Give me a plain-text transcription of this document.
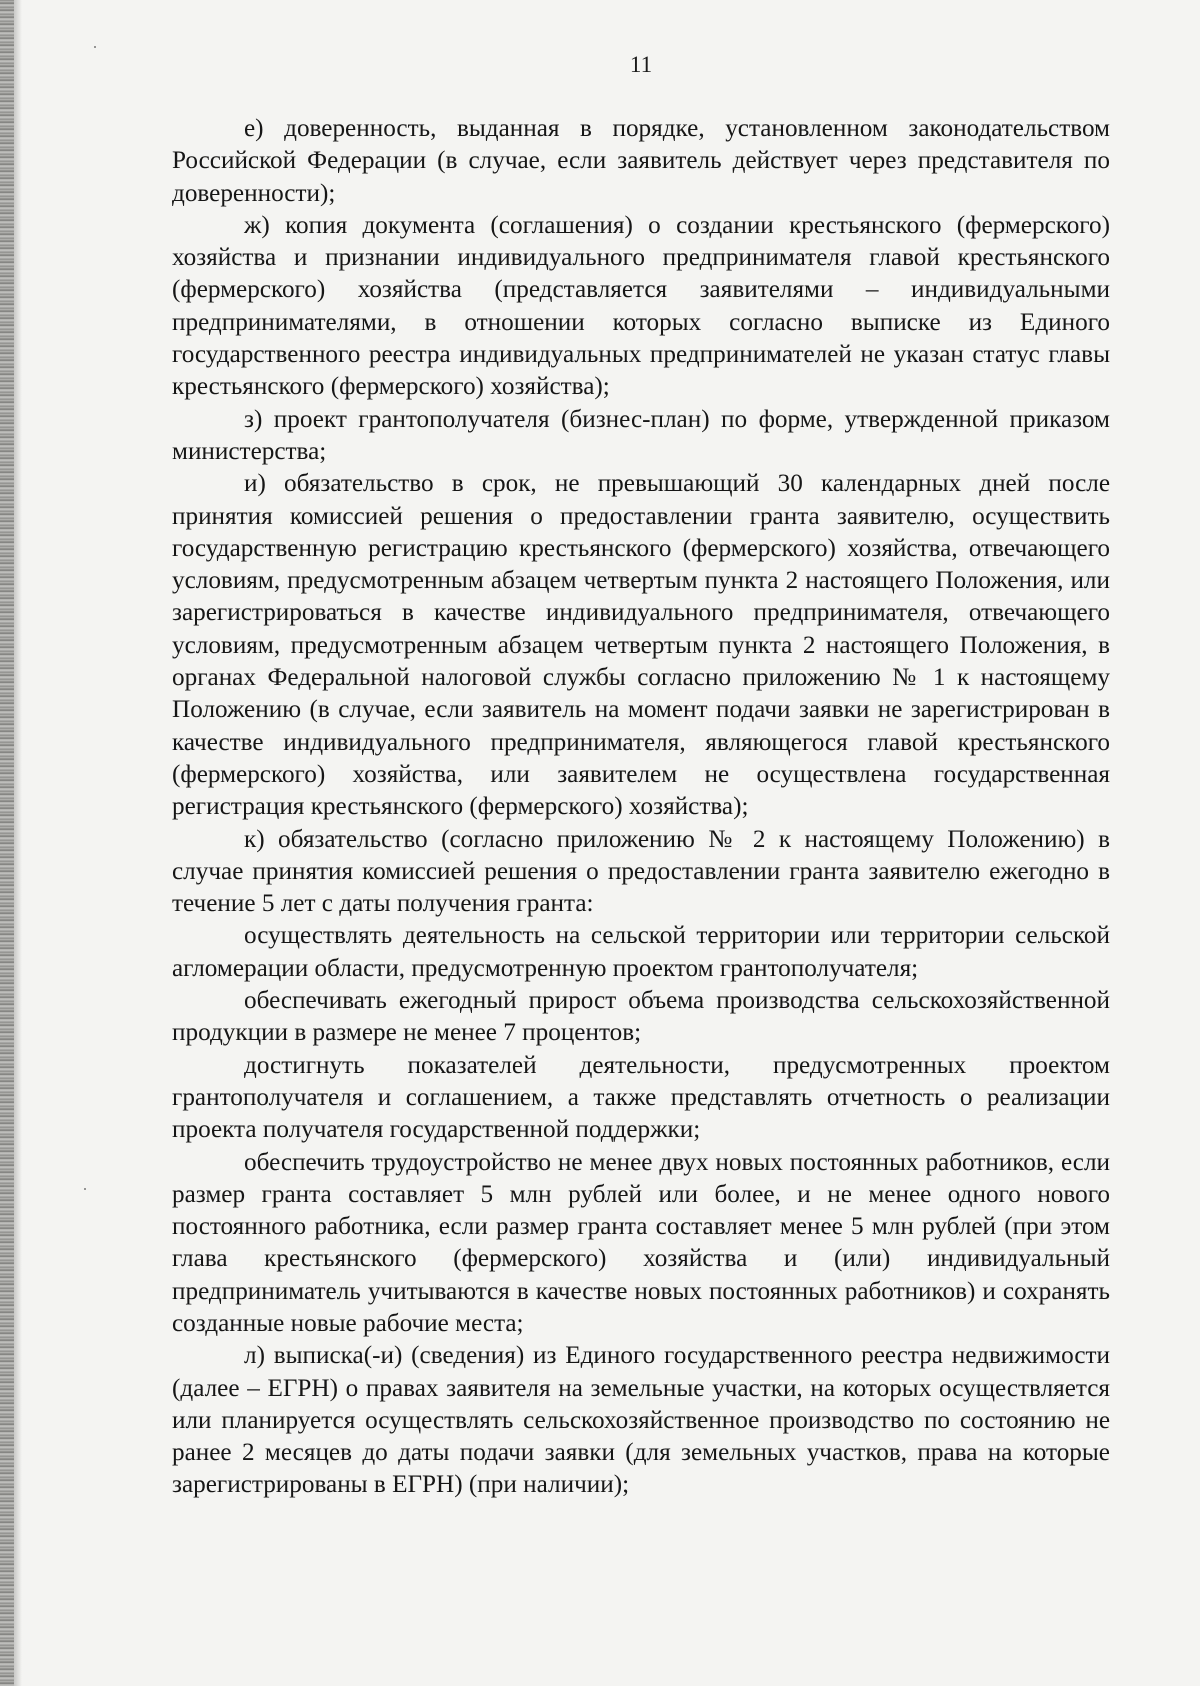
11

е) доверенность, выданная в порядке, установленном законодательством Российской Федерации (в случае, если заявитель действует через представителя по доверенности);

ж) копия документа (соглашения) о создании крестьянского (фермерского) хозяйства и признании индивидуального предпринимателя главой крестьянского (фермерского) хозяйства (представляется заявителями – индивидуальными предпринимателями, в отношении которых согласно выписке из Единого государственного реестра индивидуальных предпринимателей не указан статус главы крестьянского (фермерского) хозяйства);

з) проект грантополучателя (бизнес-план) по форме, утвержденной приказом министерства;

и) обязательство в срок, не превышающий 30 календарных дней после принятия комиссией решения о предоставлении гранта заявителю, осуществить государственную регистрацию крестьянского (фермерского) хозяйства, отвечающего условиям, предусмотренным абзацем четвертым пункта 2 настоящего Положения, или зарегистрироваться в качестве индивидуального предпринимателя, отвечающего условиям, предусмотренным абзацем четвертым пункта 2 настоящего Положения, в органах Федеральной налоговой службы согласно приложению № 1 к настоящему Положению (в случае, если заявитель на момент подачи заявки не зарегистрирован в качестве индивидуального предпринимателя, являющегося главой крестьянского (фермерского) хозяйства, или заявителем не осуществлена государственная регистрация крестьянского (фермерского) хозяйства);

к) обязательство (согласно приложению № 2 к настоящему Положению) в случае принятия комиссией решения о предоставлении гранта заявителю ежегодно в течение 5 лет с даты получения гранта:

осуществлять деятельность на сельской территории или территории сельской агломерации области, предусмотренную проектом грантополучателя;

обеспечивать ежегодный прирост объема производства сельскохозяйственной продукции в размере не менее 7 процентов;

достигнуть показателей деятельности, предусмотренных проектом грантополучателя и соглашением, а также представлять отчетность о реализации проекта получателя государственной поддержки;

обеспечить трудоустройство не менее двух новых постоянных работников, если размер гранта составляет 5 млн рублей или более, и не менее одного нового постоянного работника, если размер гранта составляет менее 5 млн рублей (при этом глава крестьянского (фермерского) хозяйства и (или) индивидуальный предприниматель учитываются в качестве новых постоянных работников) и сохранять созданные новые рабочие места;

л) выписка(-и) (сведения) из Единого государственного реестра недвижимости (далее – ЕГРН) о правах заявителя на земельные участки, на которых осуществляется или планируется осуществлять сельскохозяйственное производство по состоянию не ранее 2 месяцев до даты подачи заявки (для земельных участков, права на которые зарегистрированы в ЕГРН) (при наличии);
